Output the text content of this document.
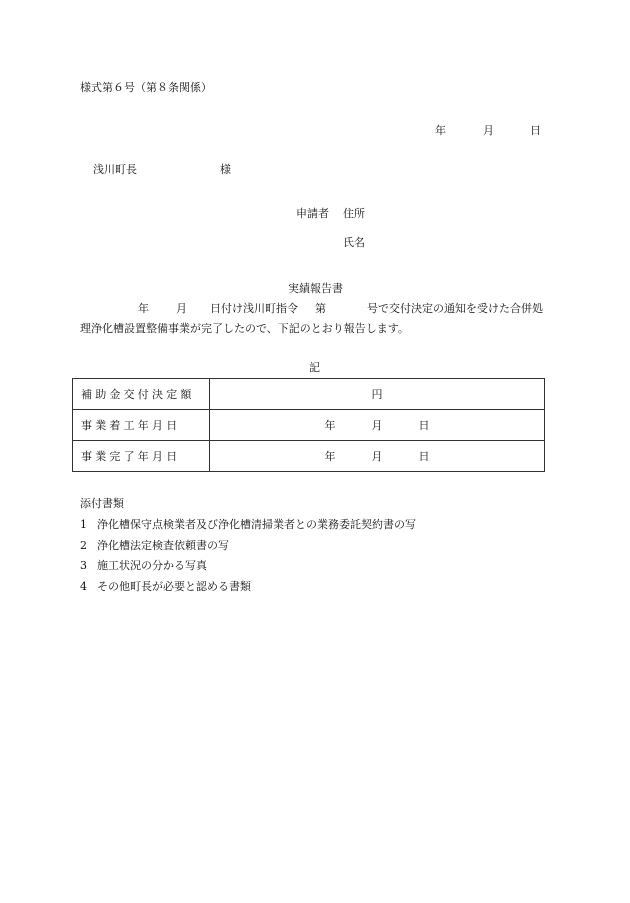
様式第６号（第８条関係）
年	月	日
浅川町長	様
申請者 住所
氏名
実績報告書
年 月 日付け浅川町指令 第	号で交付決定の通知を受けた合併処
理浄化槽設置整備事業が完了したので、下記のとおり報告します。
記
補助金交付決定額	円
事業着工年月日	年 月 日
事業完了年月日	年 月 日
添付書類
1 浄化槽保守点検業者及び浄化槽清掃業者との業務委託契約書の写
2 浄化槽法定検査依頼書の写
3 施工状況の分かる写真
4 その他町長が必要と認める書類
